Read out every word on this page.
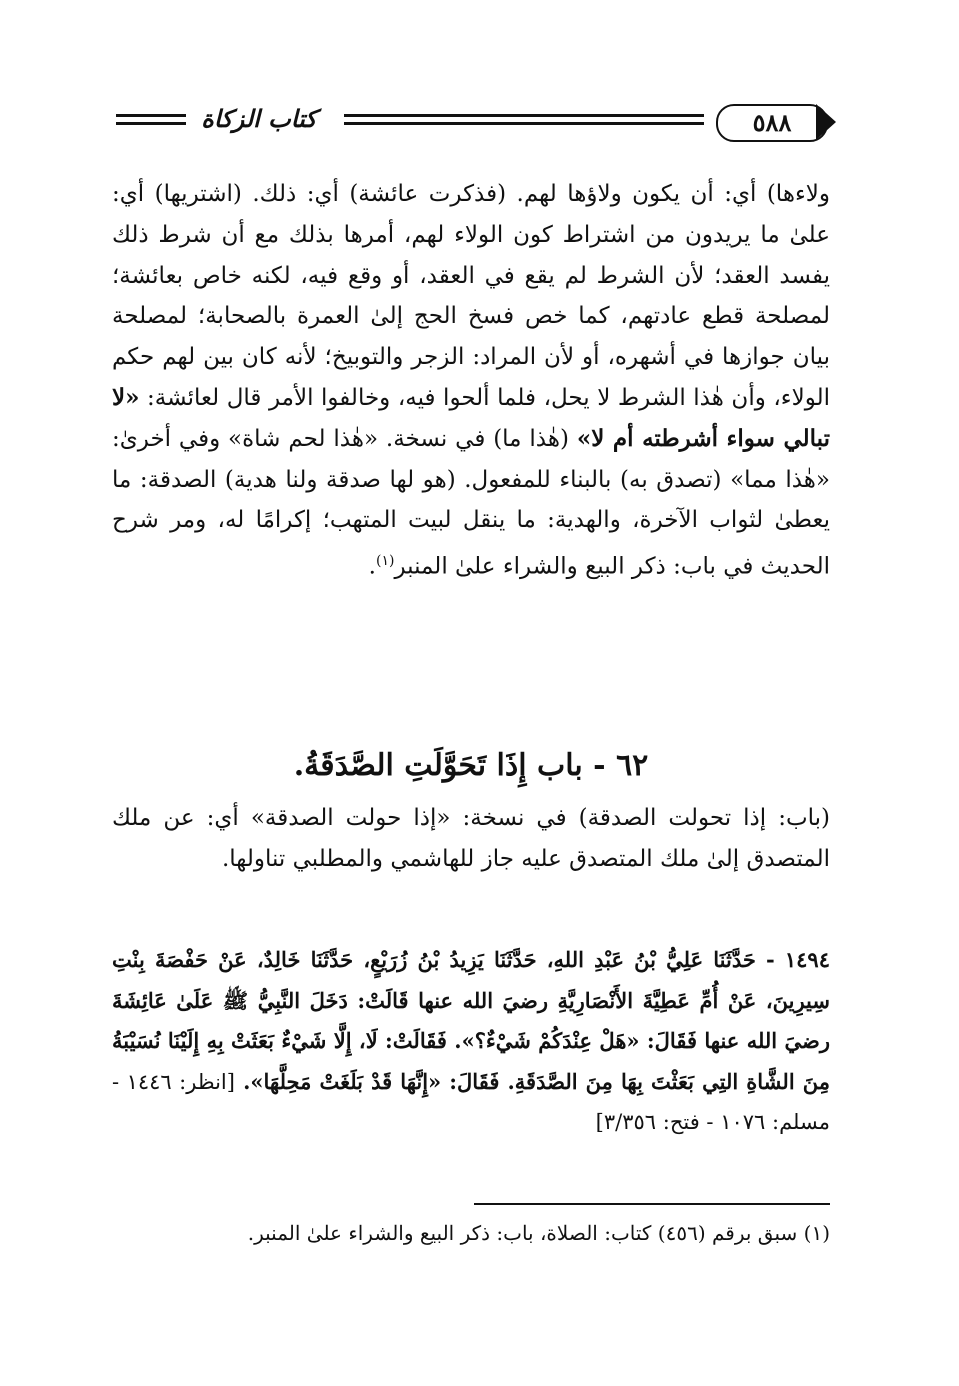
كتاب الزكاة	٥٨٨

ولاءها) أي: أن يكون ولاؤها لهم. (فذكرت عائشة) أي: ذلك. (اشتريها) أي: علىٰ ما يريدون من اشتراط كون الولاء لهم، أمرها بذلك مع أن شرط ذلك يفسد العقد؛ لأن الشرط لم يقع في العقد، أو وقع فيه، لكنه خاص بعائشة؛ لمصلحة قطع عادتهم، كما خص فسخ الحج إلىٰ العمرة بالصحابة؛ لمصلحة بيان جوازها في أشهره، أو لأن المراد: الزجر والتوبيخ؛ لأنه كان بين لهم حكم الولاء، وأن هٰذا الشرط لا يحل، فلما ألحوا فيه، وخالفوا الأمر قال لعائشة: «لا تبالي سواء أشرطته أم لا» (هٰذا ما) في نسخة. «هٰذا لحم شاة» وفي أخرىٰ: «هٰذا مما» (تصدق به) بالبناء للمفعول. (هو لها صدقة ولنا هدية) الصدقة: ما يعطىٰ لثواب الآخرة، والهدية: ما ينقل لبيت المتهب؛ إكرامًا له، ومر شرح الحديث في باب: ذكر البيع والشراء علىٰ المنبر$^{(١)}$.

٦٢ - باب إِذَا تَحَوَّلَتِ الصَّدَقَةُ.
(باب: إذا تحولت الصدقة) في نسخة: «إذا حولت الصدقة» أي: عن ملك المتصدق إلىٰ ملك المتصدق عليه جاز للهاشمي والمطلبي تناولها.
١٤٩٤ - حَدَّثَنَا عَلِيُّ بْنُ عَبْدِ اللهِ، حَدَّثَنَا يَزِيدُ بْنُ زُرَيْعٍ، حَدَّثَنَا خَالِدٌ، عَنْ حَفْصَةَ بِنْتِ سِيرِينَ، عَنْ أُمِّ عَطِيَّةَ الأَنْصَارِيَّةِ رضيَ الله عنها قَالَتْ: دَخَلَ النَّبِيُّ ﷺ عَلَىٰ عَائِشَةَ رضيَ الله عنها فَقَالَ: «هَلْ عِنْدَكُمْ شَيْءٌ؟». فَقَالَتْ: لَا، إِلَّا شَيْءٌ بَعَثَتْ بِهِ إِلَيْنَا نُسَيْبَةُ مِنَ الشَّاةِ التِي بَعَثْتَ بِهَا مِنَ الصَّدَقَةِ. فَقَالَ: «إِنَّهَا قَدْ بَلَغَتْ مَحِلَّهَا». [انظر: ١٤٤٦ - مسلم: ١٠٧٦ - فتح: ٣/٣٥٦]
(١) سبق برقم (٤٥٦) كتاب: الصلاة، باب: ذكر البيع والشراء علىٰ المنبر.
